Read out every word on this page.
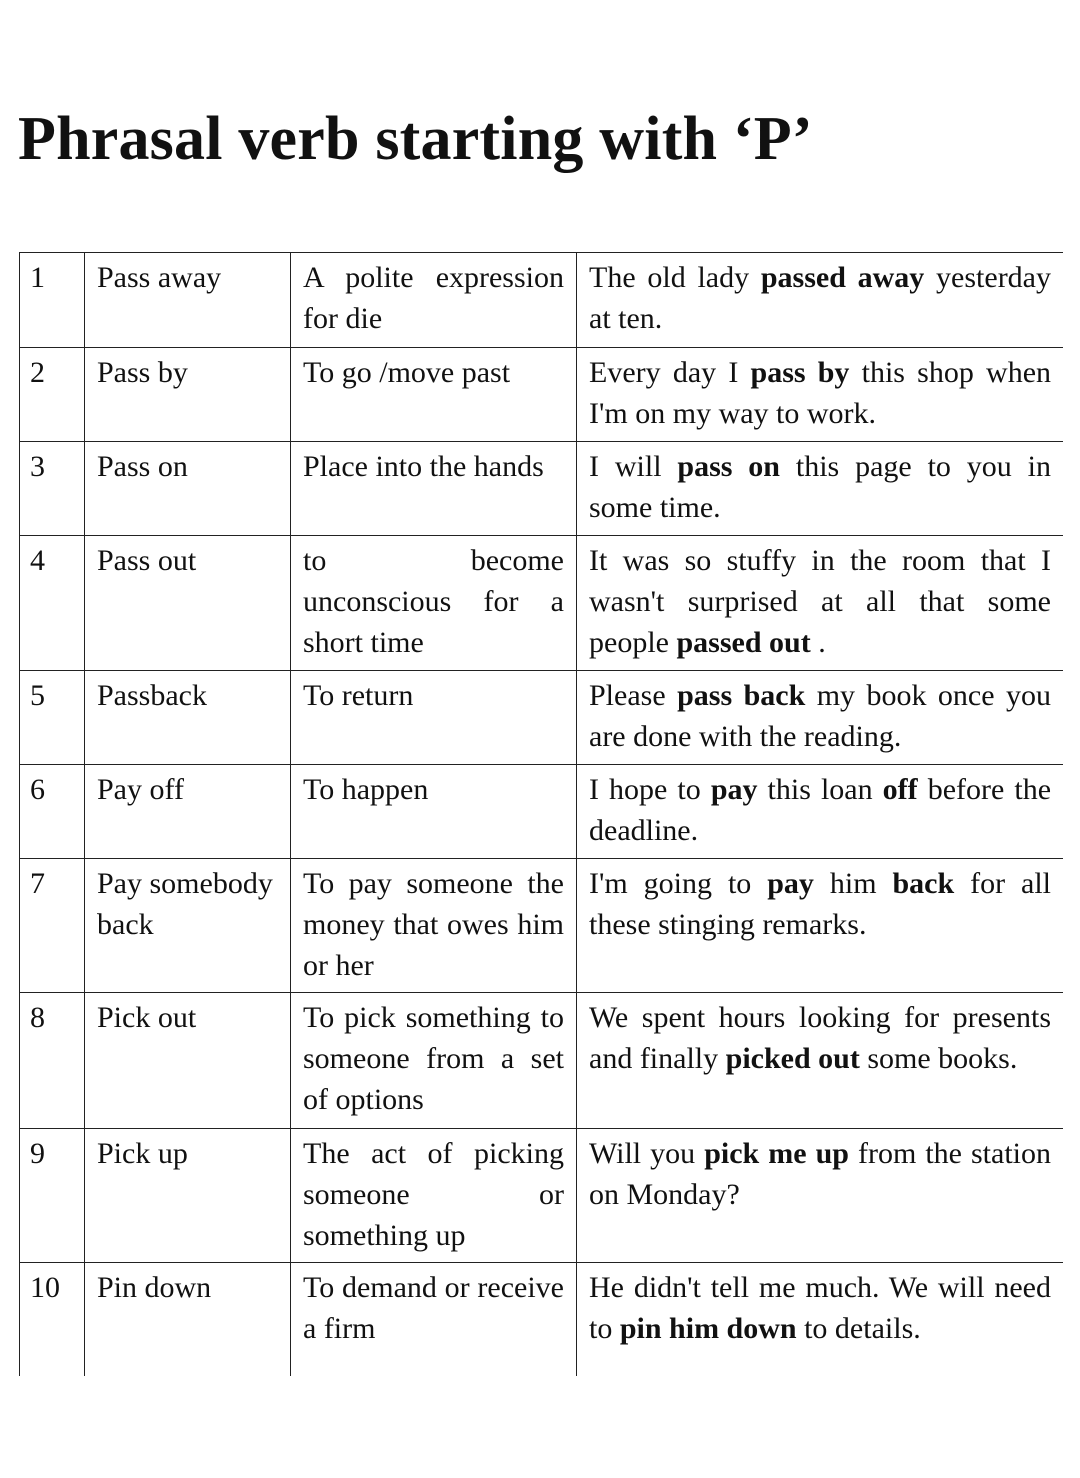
Phrasal verb starting with ‘P’
1	Pass away	A polite expression for die	The old lady passed away yesterday at ten.
2	Pass by	To go /move past	Every day I pass by this shop when I'm on my way to work.
3	Pass on	Place into the hands	I will pass on this page to you in some time.
4	Pass out	to become unconscious for a short time	It was so stuffy in the room that I wasn't surprised at all that some people passed out .
5	Passback	To return	Please pass back my book once you are done with the reading.
6	Pay off	To happen	I hope to pay this loan off before the deadline.
7	Pay somebody back	To pay someone the money that owes him or her	I'm going to pay him back for all these stinging remarks.
8	Pick out	To pick something to someone from a set of options	We spent hours looking for presents and finally picked out some books.
9	Pick up	The act of picking someone or something up	Will you pick me up from the station on Monday?
10	Pin down	To demand or receive a firm	He didn't tell me much. We will need to pin him down to details.
